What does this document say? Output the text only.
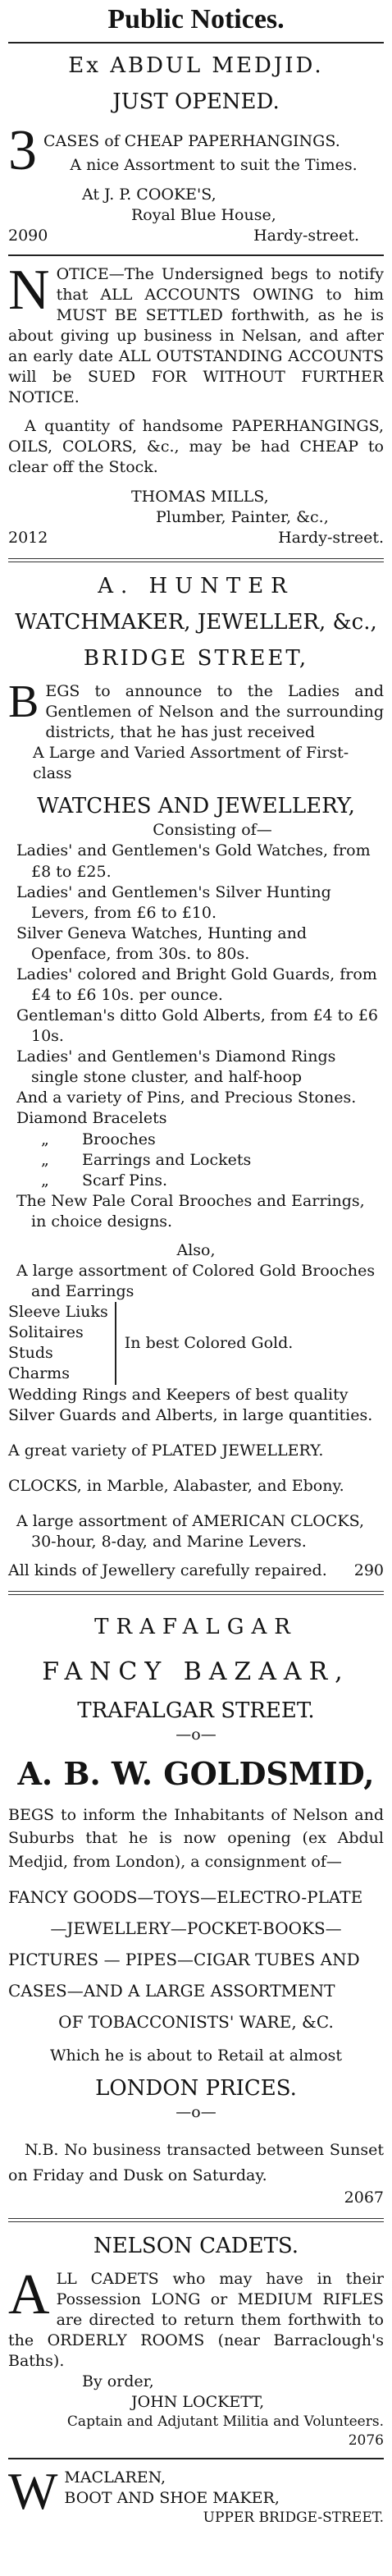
Public Notices.
Ex ABDUL MEDJID.
JUST OPENED.
3 CASES of CHEAP PAPERHANGINGS.
A nice Assortment to suit the Times.
At J. P. COOKE'S,
Royal Blue House,
2090	Hardy-street.
N OTICE—The Undersigned begs to notify that ALL ACCOUNTS OWING to him MUST BE SETTLED forthwith, as he is about giving up business in Nelsan, and after an early date ALL OUTSTANDING ACCOUNTS will be SUED FOR WITHOUT FURTHER NOTICE.
A quantity of handsome PAPERHANGINGS, OILS, COLORS, &c., may be had CHEAP to clear off the Stock.
THOMAS MILLS,
Plumber, Painter, &c.,
2012	Hardy-street.
A. HUNTER
WATCHMAKER, JEWELLER, &c.,
BRIDGE STREET,
B EGS to announce to the Ladies and Gentlemen of Nelson and the surrounding districts, that he has just received
A Large and Varied Assortment of First-class
WATCHES AND JEWELLERY,
Consisting of—
Ladies' and Gentlemen's Gold Watches, from £8 to £25.
Ladies' and Gentlemen's Silver Hunting Levers, from £6 to £10.
Silver Geneva Watches, Hunting and Openface, from 30s. to 80s.
Ladies' colored and Bright Gold Guards, from £4 to £6 10s. per ounce.
Gentleman's ditto Gold Alberts, from £4 to £6 10s.
Ladies' and Gentlemen's Diamond Rings single stone cluster, and half-hoop
And a variety of Pins, and Precious Stones.
Diamond Bracelets
„ Brooches
„ Earrings and Lockets
„ Scarf Pins.
The New Pale Coral Brooches and Earrings, in choice designs.
Also,
A large assortment of Colored Gold Brooches and Earrings
Sleeve Liuks
Solitaires
Studs
Charms
In best Colored Gold.
Wedding Rings and Keepers of best quality
Silver Guards and Alberts, in large quantities.
A great variety of PLATED JEWELLERY.
CLOCKS, in Marble, Alabaster, and Ebony.
A large assortment of AMERICAN CLOCKS, 30-hour, 8-day, and Marine Levers.
All kinds of Jewellery carefully repaired. 290
TRAFALGAR
FANCY BAZAAR,
TRAFALGAR STREET.
—o—
A. B. W. GOLDSMID,
BEGS to inform the Inhabitants of Nelson and Suburbs that he is now opening (ex Abdul Medjid, from London), a consignment of—
FANCY GOODS—TOYS—ELECTRO-PLATE
—JEWELLERY—POCKET-BOOKS—
PICTURES — PIPES—CIGAR TUBES AND
CASES—AND A LARGE ASSORTMENT
OF TOBACCONISTS' WARE, &C.
Which he is about to Retail at almost
LONDON PRICES.
—o—
N.B. No business transacted between Sunset on Friday and Dusk on Saturday.
2067
NELSON CADETS.
A LL CADETS who may have in their Possession LONG or MEDIUM RIFLES are directed to return them forthwith to the ORDERLY ROOMS (near Barraclough's Baths).
By order,
JOHN LOCKETT,
Captain and Adjutant Militia and Volunteers.
2076
W MACLAREN,
BOOT AND SHOE MAKER,
UPPER BRIDGE-STREET.
